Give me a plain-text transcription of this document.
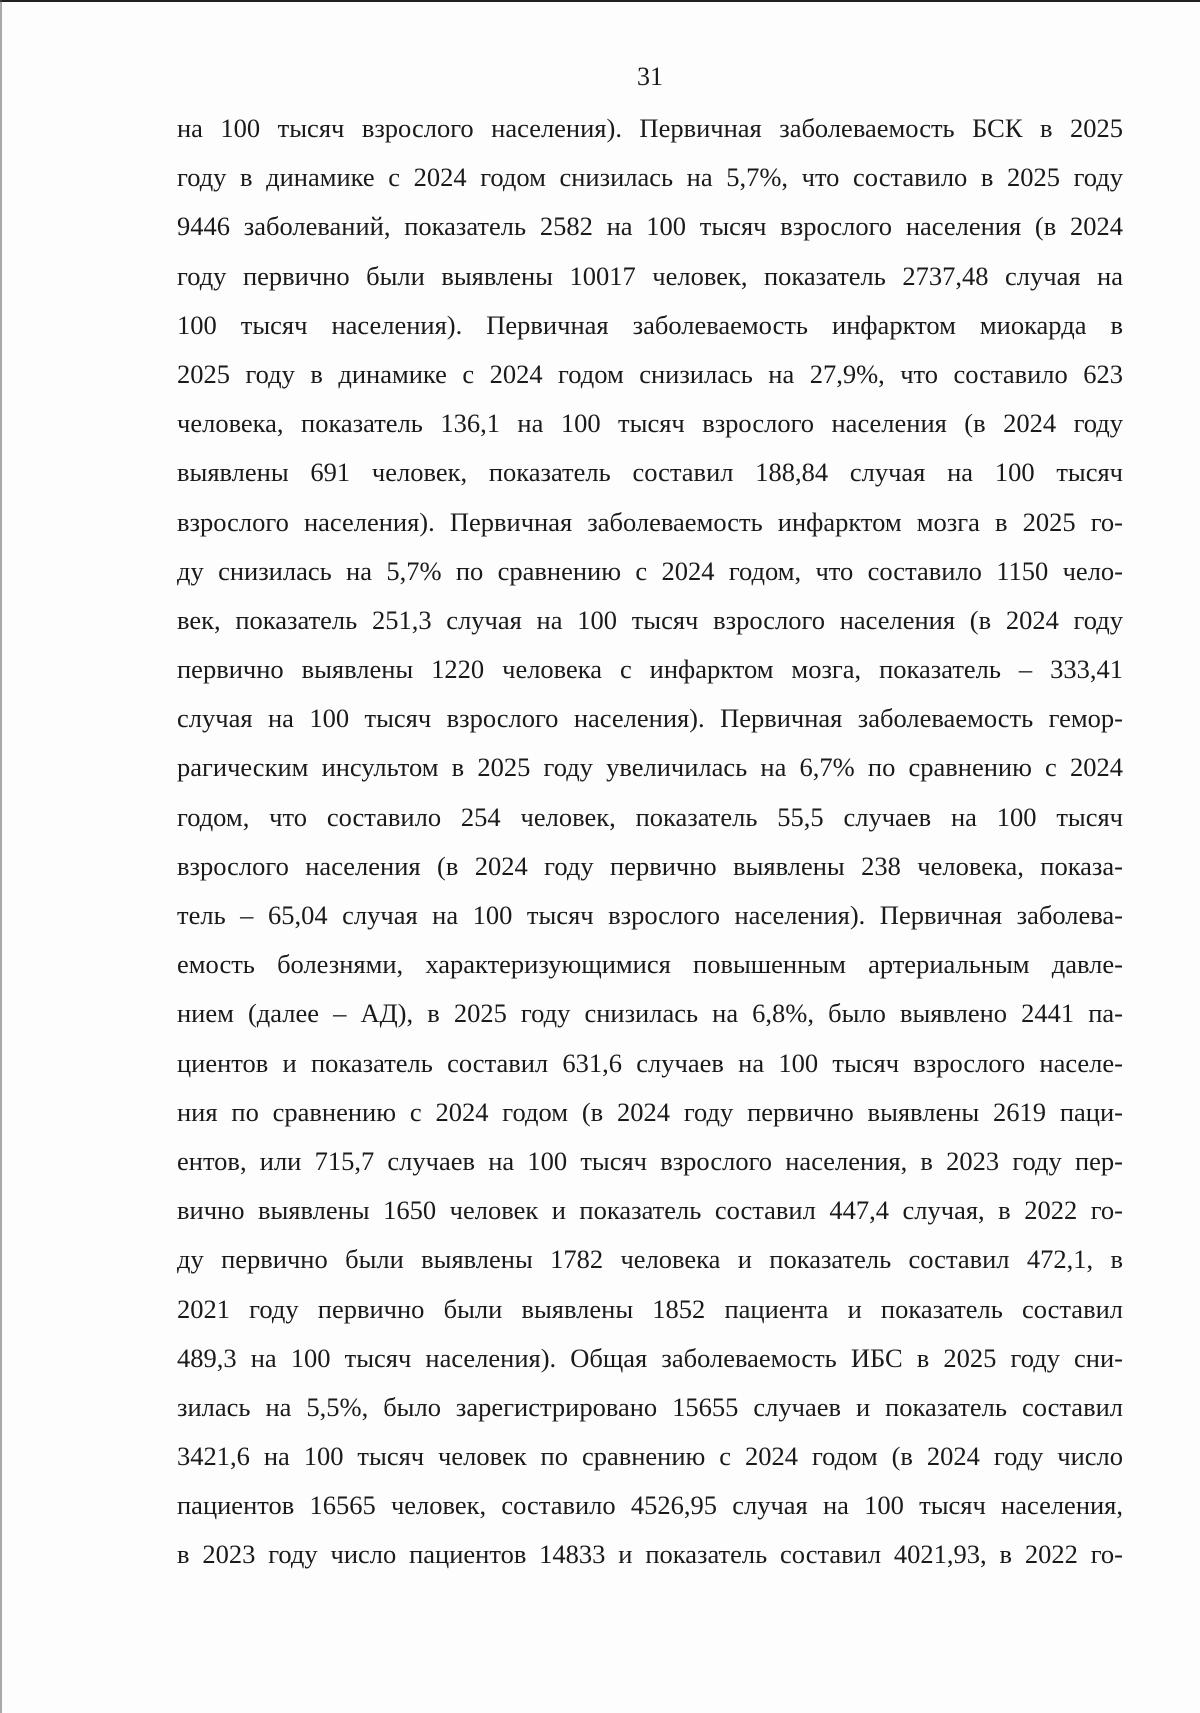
31
на 100 тысяч взрослого населения). Первичная заболеваемость БСК в 2025
году в динамике с 2024 годом снизилась на 5,7%, что составило в 2025 году
9446 заболеваний, показатель 2582 на 100 тысяч взрослого населения (в 2024
году первично были выявлены 10017 человек, показатель 2737,48 случая на
100 тысяч населения). Первичная заболеваемость инфарктом миокарда в
2025 году в динамике с 2024 годом снизилась на 27,9%, что составило 623
человека, показатель 136,1 на 100 тысяч взрослого населения (в 2024 году
выявлены 691 человек, показатель составил 188,84 случая на 100 тысяч
взрослого населения). Первичная заболеваемость инфарктом мозга в 2025 го-
ду снизилась на 5,7% по сравнению с 2024 годом, что составило 1150 чело-
век, показатель 251,3 случая на 100 тысяч взрослого населения (в 2024 году
первично выявлены 1220 человека с инфарктом мозга, показатель – 333,41
случая на 100 тысяч взрослого населения). Первичная заболеваемость гемор-
рагическим инсультом в 2025 году увеличилась на 6,7% по сравнению с 2024
годом, что составило 254 человек, показатель 55,5 случаев на 100 тысяч
взрослого населения (в 2024 году первично выявлены 238 человека, показа-
тель – 65,04 случая на 100 тысяч взрослого населения). Первичная заболева-
емость болезнями, характеризующимися повышенным артериальным давле-
нием (далее – АД), в 2025 году снизилась на 6,8%, было выявлено 2441 па-
циентов и показатель составил 631,6 случаев на 100 тысяч взрослого населе-
ния по сравнению с 2024 годом (в 2024 году первично выявлены 2619 паци-
ентов, или 715,7 случаев на 100 тысяч взрослого населения, в 2023 году пер-
вично выявлены 1650 человек и показатель составил 447,4 случая, в 2022 го-
ду первично были выявлены 1782 человека и показатель составил 472,1, в
2021 году первично были выявлены 1852 пациента и показатель составил
489,3 на 100 тысяч населения). Общая заболеваемость ИБС в 2025 году сни-
зилась на 5,5%, было зарегистрировано 15655 случаев и показатель составил
3421,6 на 100 тысяч человек по сравнению с 2024 годом (в 2024 году число
пациентов 16565 человек, составило 4526,95 случая на 100 тысяч населения,
в 2023 году число пациентов 14833 и показатель составил 4021,93, в 2022 го-
